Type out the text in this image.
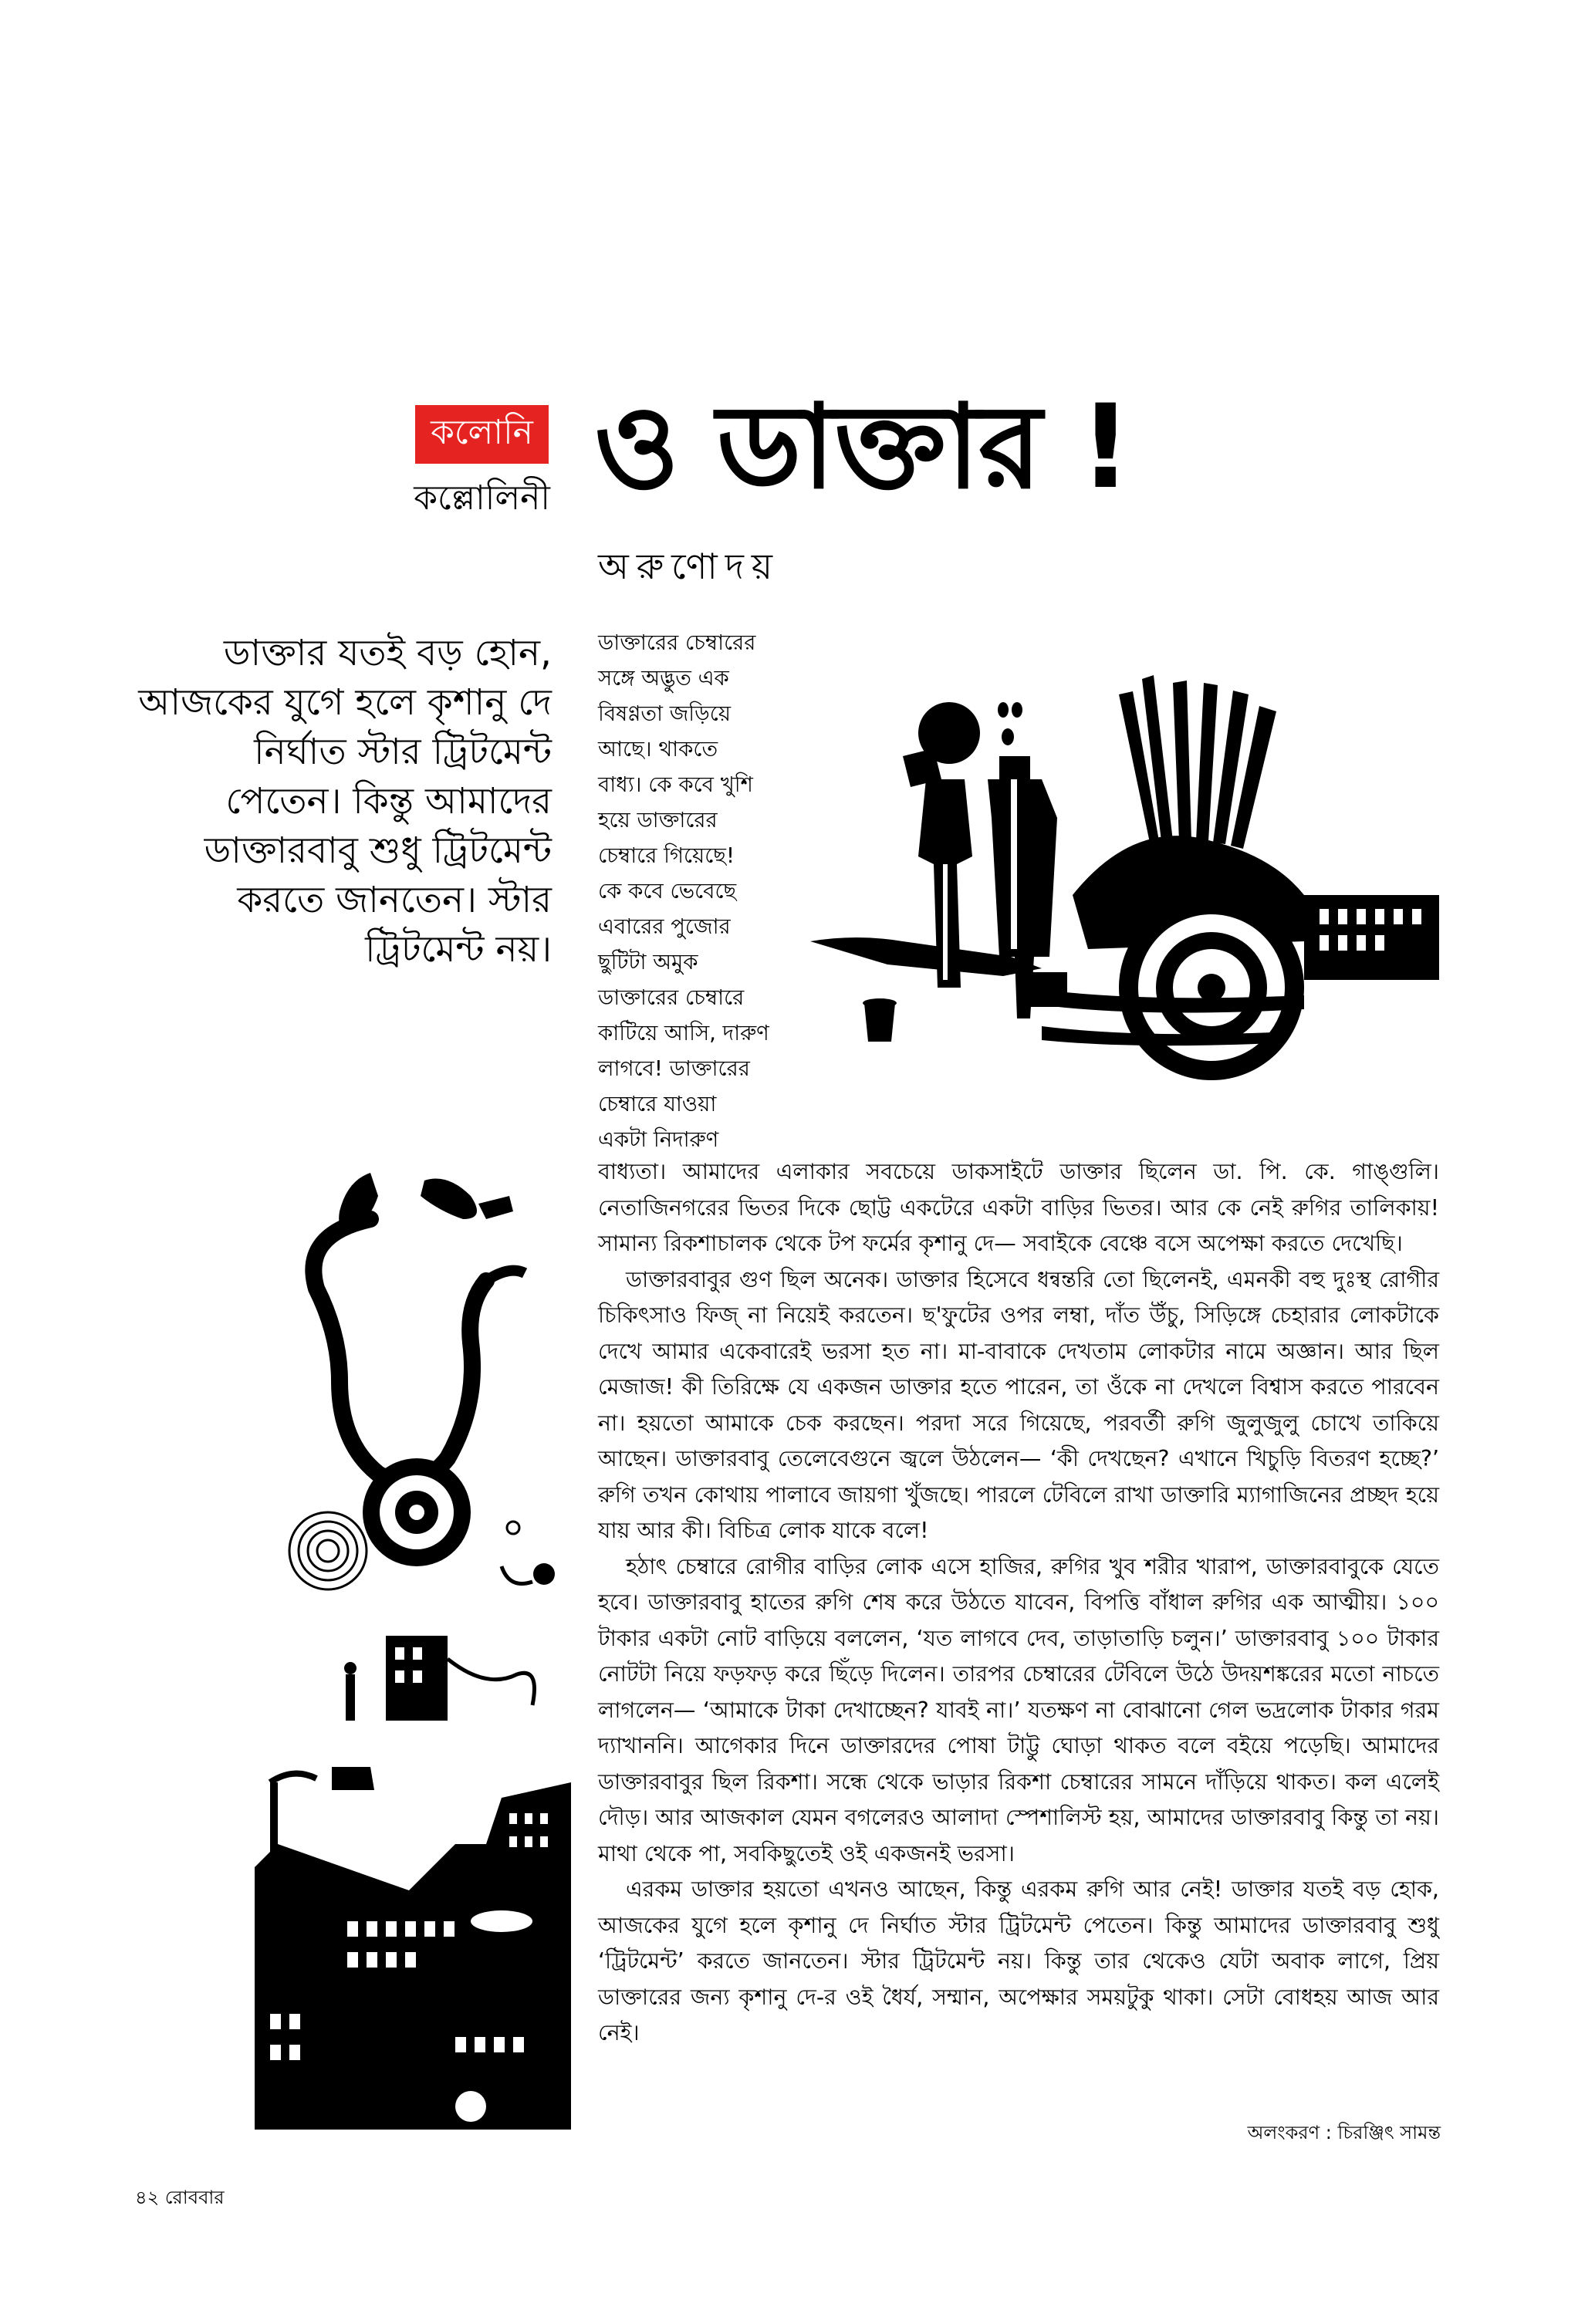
কলোনি
কল্লোলিনী ও ডাক্তার !
অরুণোদয়
ডাক্তার যতই বড় হোন, আজকের যুগে হলে কৃশানু দে নির্ঘাত স্টার ট্রিটমেন্ট পেতেন। কিন্তু আমাদের ডাক্তারবাবু শুধু ট্রিটমেন্ট করতে জানতেন। স্টার ট্রিটমেন্ট নয়।
ডাক্তারের চেম্বারের
সঙ্গে অদ্ভুত এক
বিষণ্ণতা জড়িয়ে
আছে। থাকতে
বাধ্য। কে কবে খুশি
হয়ে ডাক্তারের
চেম্বারে গিয়েছে!
কে কবে ভেবেছে
এবারের পুজোর
ছুটিটা অমুক
ডাক্তারের চেম্বারে
কাটিয়ে আসি, দারুণ
লাগবে! ডাক্তারের
চেম্বারে যাওয়া
একটা নিদারুণ

বাধ্যতা। আমাদের এলাকার সবচেয়ে ডাকসাইটে ডাক্তার ছিলেন ডা. পি. কে. গাঙ্গুলি। নেতাজিনগরের ভিতর দিকে ছোট্ট একটেরে একটা বাড়ির ভিতর। আর কে নেই রুগির তালিকায়! সামান্য রিকশাচালক থেকে টপ ফর্মের কৃশানু দে— সবাইকে বেঞ্চে বসে অপেক্ষা করতে দেখেছি।

ডাক্তারবাবুর গুণ ছিল অনেক। ডাক্তার হিসেবে ধন্বন্তরি তো ছিলেনই, এমনকী বহু দুঃস্থ রোগীর চিকিৎসাও ফিজ্ না নিয়েই করতেন। ছ'ফুটের ওপর লম্বা, দাঁত উঁচু, সিড়িঙ্গে চেহারার লোকটাকে দেখে আমার একেবারেই ভরসা হত না। মা-বাবাকে দেখতাম লোকটার নামে অজ্ঞান। আর ছিল মেজাজ! কী তিরিক্ষে যে একজন ডাক্তার হতে পারেন, তা ওঁকে না দেখলে বিশ্বাস করতে পারবেন না। হয়তো আমাকে চেক করছেন। পরদা সরে গিয়েছে, পরবর্তী রুগি জুলুজুলু চোখে তাকিয়ে আছেন। ডাক্তারবাবু তেলেবেগুনে জ্বলে উঠলেন— ‘কী দেখছেন? এখানে খিচুড়ি বিতরণ হচ্ছে?’ রুগি তখন কোথায় পালাবে জায়গা খুঁজছে। পারলে টেবিলে রাখা ডাক্তারি ম্যাগাজিনের প্রচ্ছদ হয়ে যায় আর কী। বিচিত্র লোক যাকে বলে!

হঠাৎ চেম্বারে রোগীর বাড়ির লোক এসে হাজির, রুগির খুব শরীর খারাপ, ডাক্তারবাবুকে যেতে হবে। ডাক্তারবাবু হাতের রুগি শেষ করে উঠতে যাবেন, বিপত্তি বাঁধাল রুগির এক আত্মীয়। ১০০ টাকার একটা নোট বাড়িয়ে বললেন, ‘যত লাগবে দেব, তাড়াতাড়ি চলুন।’ ডাক্তারবাবু ১০০ টাকার নোটটা নিয়ে ফড়ফড় করে ছিঁড়ে দিলেন। তারপর চেম্বারের টেবিলে উঠে উদয়শঙ্করের মতো নাচতে লাগলেন— ‘আমাকে টাকা দেখাচ্ছেন? যাবই না।’ যতক্ষণ না বোঝানো গেল ভদ্রলোক টাকার গরম দ্যাখাননি। আগেকার দিনে ডাক্তারদের পোষা টাট্টু ঘোড়া থাকত বলে বইয়ে পড়েছি। আমাদের ডাক্তারবাবুর ছিল রিকশা। সন্ধে থেকে ভাড়ার রিকশা চেম্বারের সামনে দাঁড়িয়ে থাকত। কল এলেই দৌড়। আর আজকাল যেমন বগলেরও আলাদা স্পেশালিস্ট হয়, আমাদের ডাক্তারবাবু কিন্তু তা নয়। মাথা থেকে পা, সবকিছুতেই ওই একজনই ভরসা।

এরকম ডাক্তার হয়তো এখনও আছেন, কিন্তু এরকম রুগি আর নেই! ডাক্তার যতই বড় হোক, আজকের যুগে হলে কৃশানু দে নির্ঘাত স্টার ট্রিটমেন্ট পেতেন। কিন্তু আমাদের ডাক্তারবাবু শুধু ‘ট্রিটমেন্ট’ করতে জানতেন। স্টার ট্রিটমেন্ট নয়। কিন্তু তার থেকেও যেটা অবাক লাগে, প্রিয় ডাক্তারের জন্য কৃশানু দে-র ওই ধৈর্য, সম্মান, অপেক্ষার সময়টুকু থাকা। সেটা বোধহয় আজ আর নেই।

অলংকরণ : চিরঞ্জিৎ সামন্ত
৪২ রোববার
